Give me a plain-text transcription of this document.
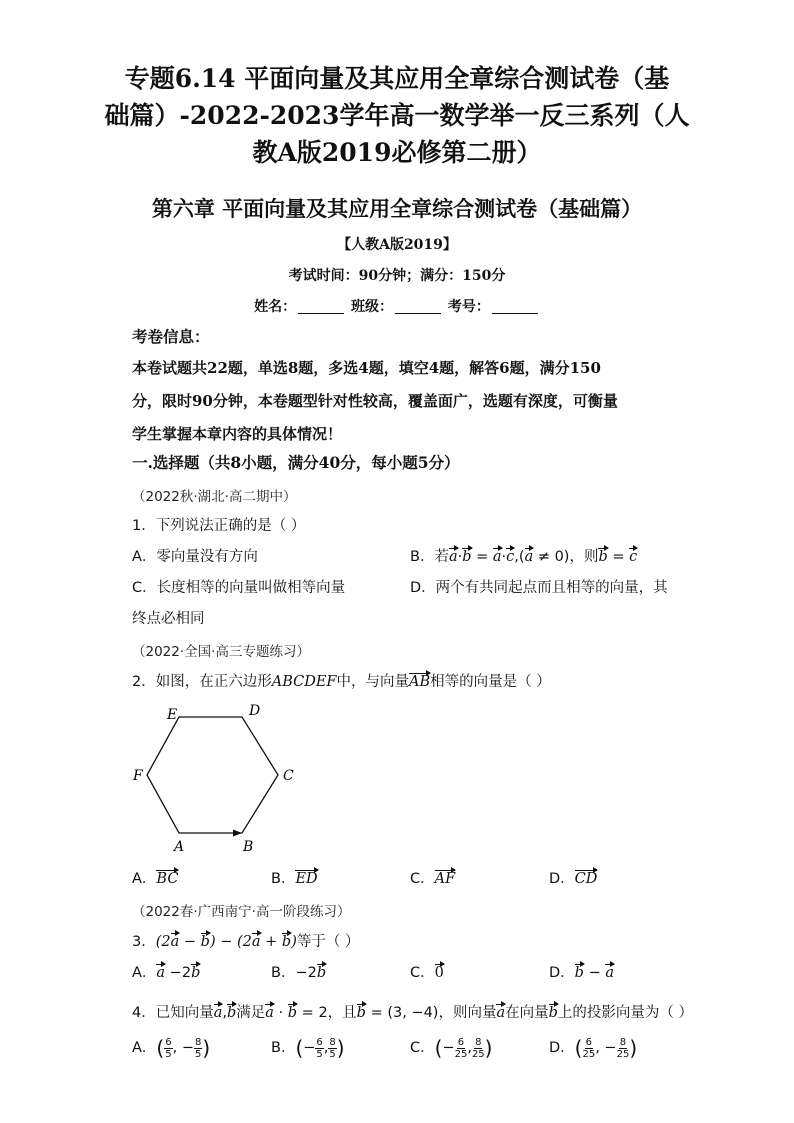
专题6.14 平面向量及其应用全章综合测试卷（基
础篇）-2022-2023学年高一数学举一反三系列（人
教A版2019必修第二册）
第六章 平面向量及其应用全章综合测试卷（基础篇）
【人教A版2019】
考试时间：90分钟；满分：150分
姓名：	班级：	考号：
考卷信息：
本卷试题共22题，单选8题，多选4题，填空4题，解答6题，满分150
分，限时90分钟，本卷题型针对性较高，覆盖面广，选题有深度，可衡量
学生掌握本章内容的具体情况！
一.选择题（共8小题，满分40分，每小题5分）
（2022秋·湖北·高二期中）
1．下列说法正确的是（ ）
A．零向量没有方向	B．若a·b = a·c,(a ≠ 0)，则b = c
C．长度相等的向量叫做相等向量	D．两个有共同起点而且相等的向量，其
终点必相同
（2022·全国·高三专题练习）
2．如图，在正六边形ABCDEF中，与向量AB相等的向量是（ ）
A	B
C
D
E
F
A．BC	B．ED	C．AF	D．CD
（2022春·广西南宁·高一阶段练习）
3．(2a − b) − (2a + b)等于（ ）
A．a −2b	B．−2b	C．0	D．b − a
4．已知向量a,b满足a · b = 2，且b = (3, −4)，则向量a在向量b上的投影向量为（ ）
A．( $\frac{6}{5}$ , − $\frac{8}{5}$ )	B．(− $\frac{6}{5}$ , $\frac{8}{5}$ )	C．(− $\frac{6}{25}$ , $\frac{8}{25}$ )	D．( $\frac{6}{25}$ , − $\frac{8}{25}$ )
